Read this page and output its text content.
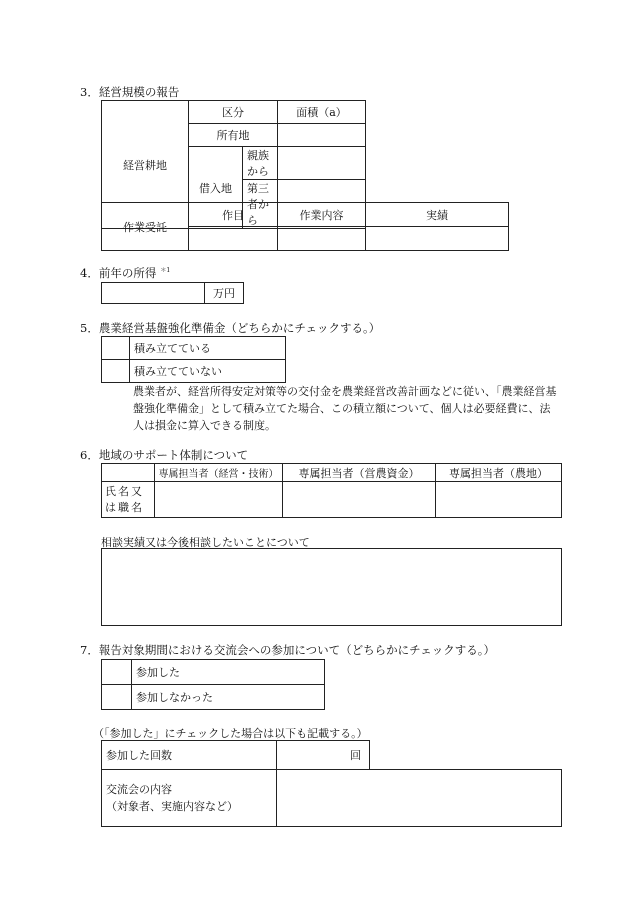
3．経営規模の報告
経営耕地	区分		面積（a）
	所有地		
	借入地	親族から	
		第三者から	
作業受託	作目	作業内容	実績

4．前年の所得 $^{*1}$
	万円
5．農業経営基盤強化準備金（どちらかにチェックする。）
	積み立てている
	積み立てていない
農業者が、経営所得安定対策等の交付金を農業経営改善計画などに従い、「農業経営基盤強化準備金」として積み立てた場合、この積立額について、個人は必要経費に、法人は損金に算入できる制度。
6．地域のサポート体制について
	専属担当者（経営・技術）	専属担当者（営農資金）	専属担当者（農地）
氏名又は職名			
相談実績又は今後相談したいことについて
7．報告対象期間における交流会への参加について（どちらかにチェックする。）
	参加した
	参加しなかった
（「参加した」にチェックした場合は以下も記載する。）
参加した回数	回
交流会の内容
（対象者、実施内容など）
